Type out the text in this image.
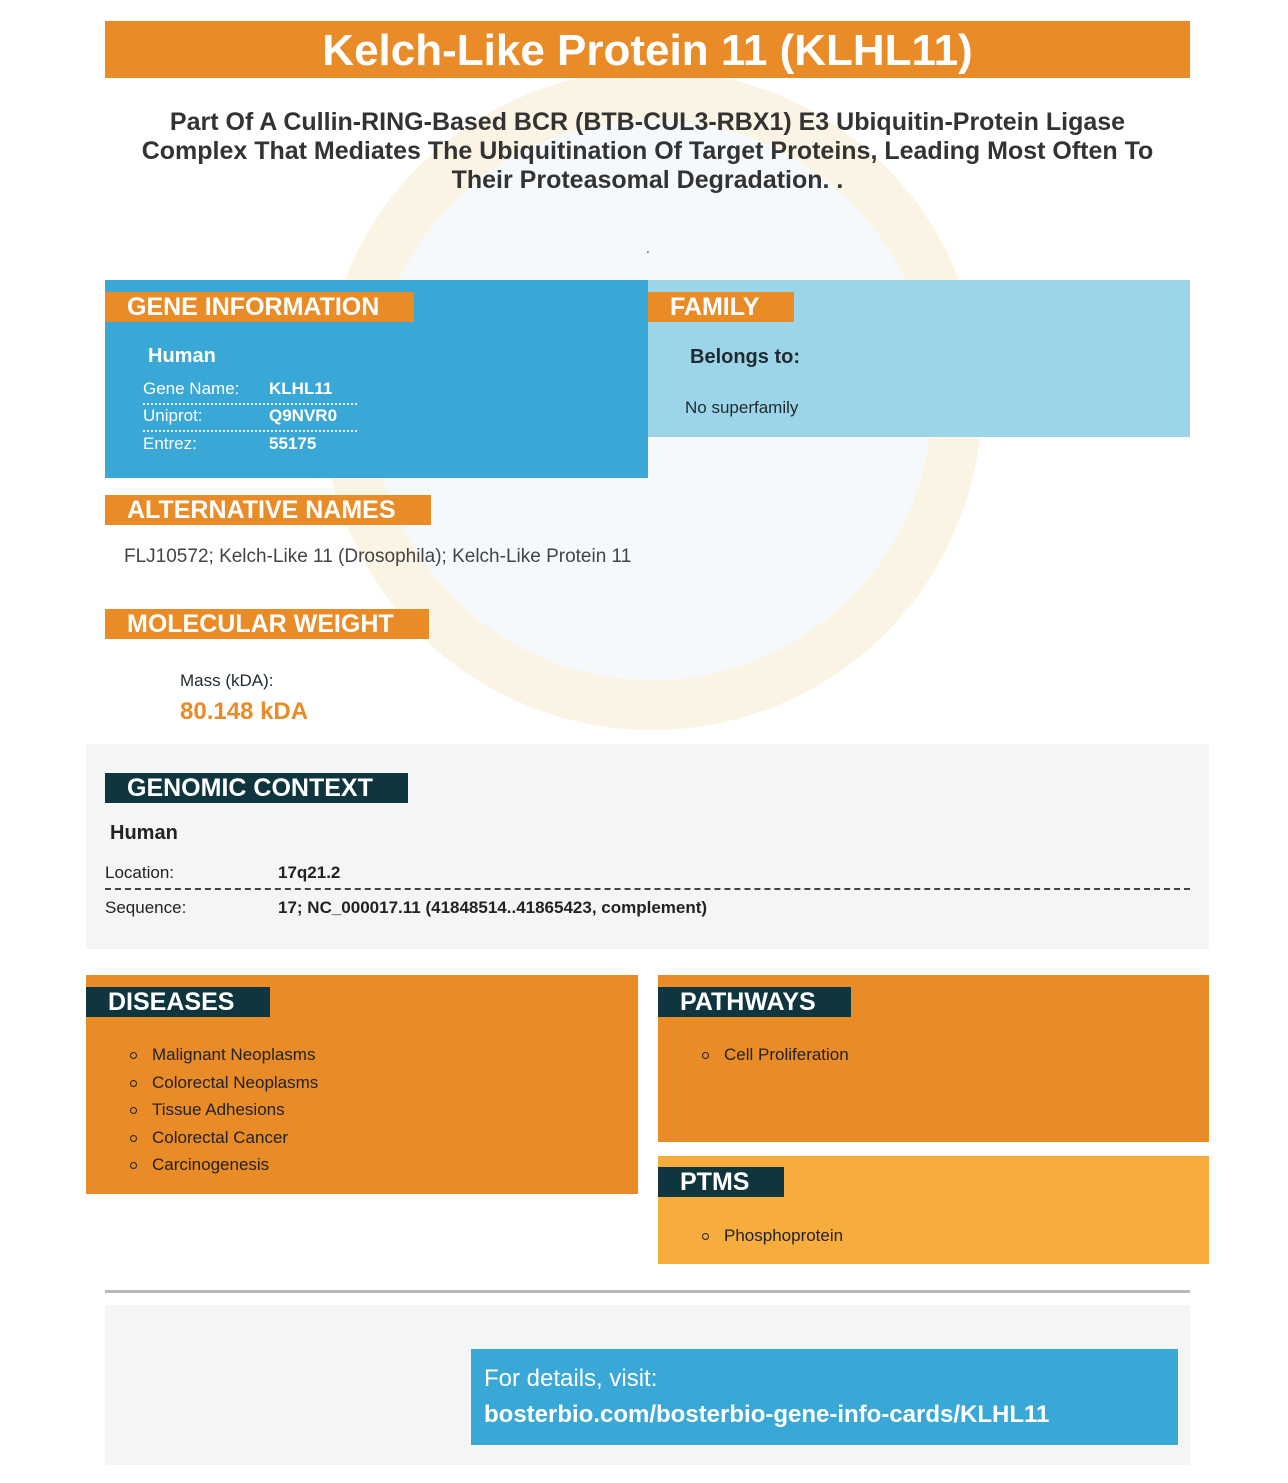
Kelch-Like Protein 11 (KLHL11)
Part Of A Cullin-RING-Based BCR (BTB-CUL3-RBX1) E3 Ubiquitin-Protein Ligase Complex That Mediates The Ubiquitination Of Target Proteins, Leading Most Often To Their Proteasomal Degradation. .
.
GENE INFORMATION
Human
Gene Name: KLHL11
Uniprot:	Q9NVR0
Entrez:	55175
FAMILY
Belongs to:
No superfamily
ALTERNATIVE NAMES
FLJ10572; Kelch-Like 11 (Drosophila); Kelch-Like Protein 11
MOLECULAR WEIGHT
Mass (kDA):
80.148 kDA
GENOMIC CONTEXT
Human
Location:	17q21.2
Sequence:	17; NC_000017.11 (41848514..41865423, complement)
DISEASES
Malignant Neoplasms
Colorectal Neoplasms
Tissue Adhesions
Colorectal Cancer
Carcinogenesis
PATHWAYS
Cell Proliferation
PTMS
Phosphoprotein
For details, visit:
bosterbio.com/bosterbio-gene-info-cards/KLHL11
